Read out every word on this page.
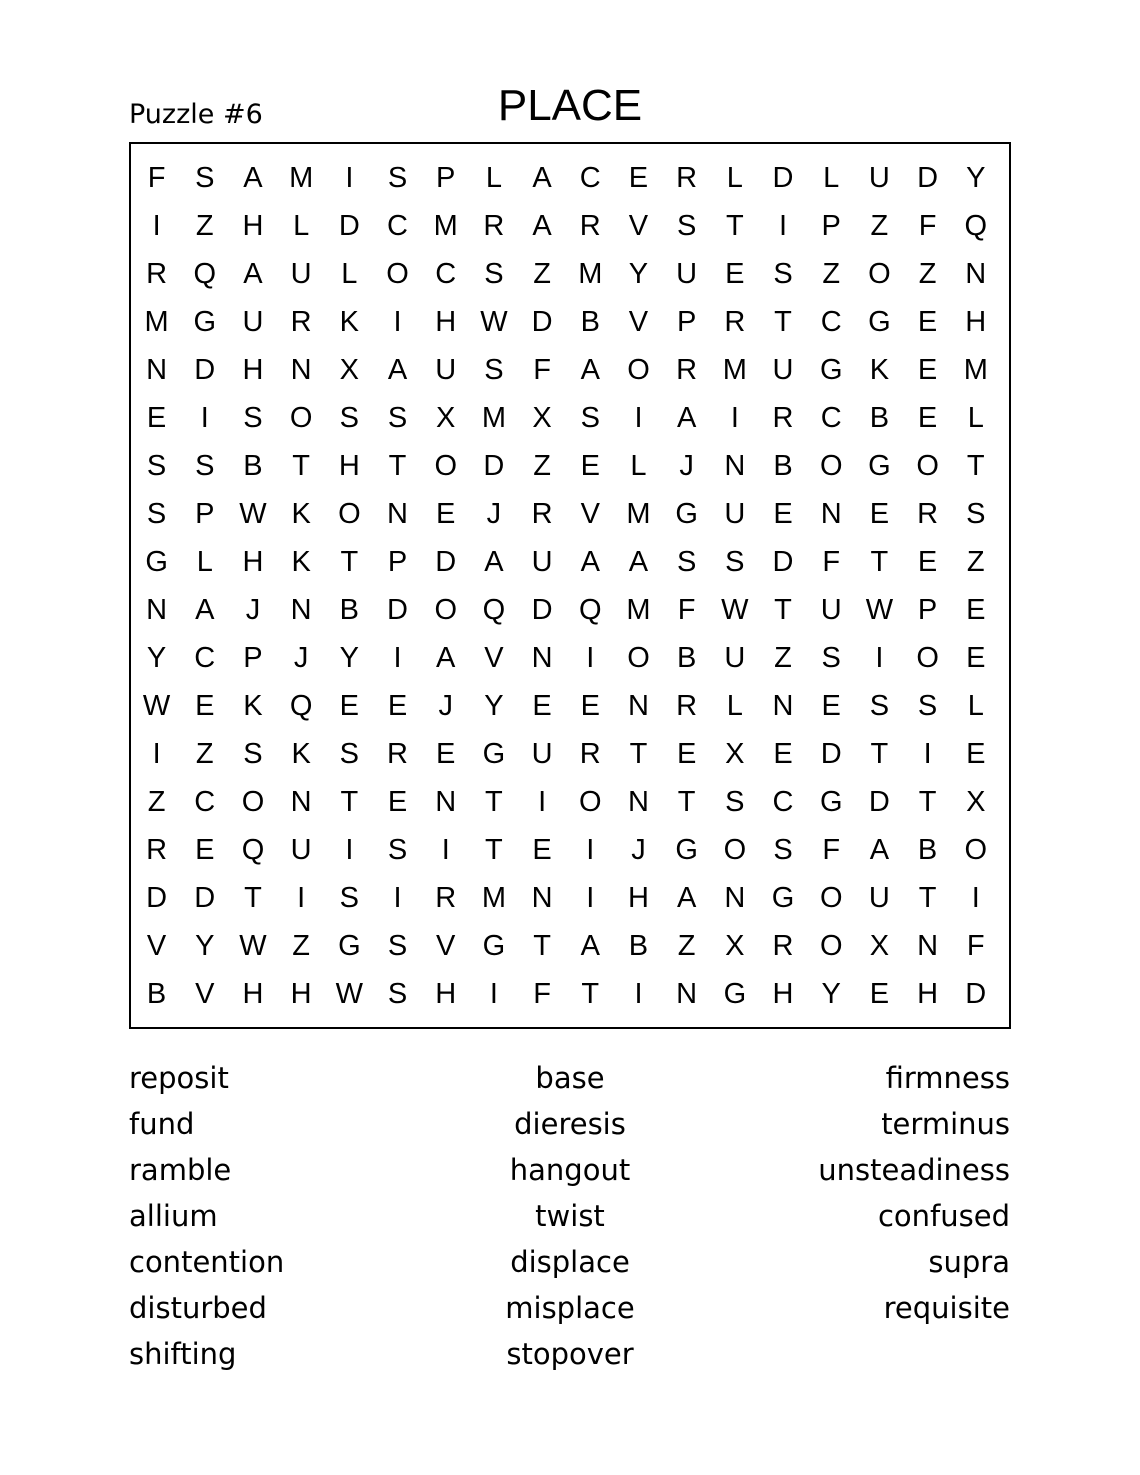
Puzzle #6	PLACE
F	S A M	I	S P	L	A C E R	L	D	L	U D Y
I	Z H	L	D C M R A R V S	T	I	P	Z	F Q
R Q A U	L O C S	Z M Y U E S	Z O Z N
M G U R K	I	H W D B V P R T C G E H
N D H N X A U S	F	A O R M U G K E M
E	I	S O S S X M X S	I	A	I	R C B E	L
S S B	T H T O D Z	E	L	J	N B O G O T
S P W K O N E	J	R V M G U E N E R S
G L	H K	T	P D A U A A S S D F	T	E	Z
N A	J	N B D O Q D Q M F W T U W P E
Y C P	J	Y	I	A V N	I	O B U Z	S	I	O E
W E K Q E E	J	Y E E N R	L	N E S S	L
I	Z	S K S R E G U R T	E X E D T	I	E
Z C O N T	E N T	I	O N T	S C G D T	X
R E Q U	I	S	I	T	E	I	J	G O S	F	A B O
D D T	I	S	I	R M N	I	H A N G O U T	I
V Y W Z G S V G T	A B	Z	X R O X N F
B V H H W S H	I	F	T	I	N G H Y E H D
reposit
fund
ramble
allium
contention
disturbed
shifting
base
dieresis
hangout
twist
displace
misplace
stopover
firmness
terminus
unsteadiness
confused
supra
requisite
